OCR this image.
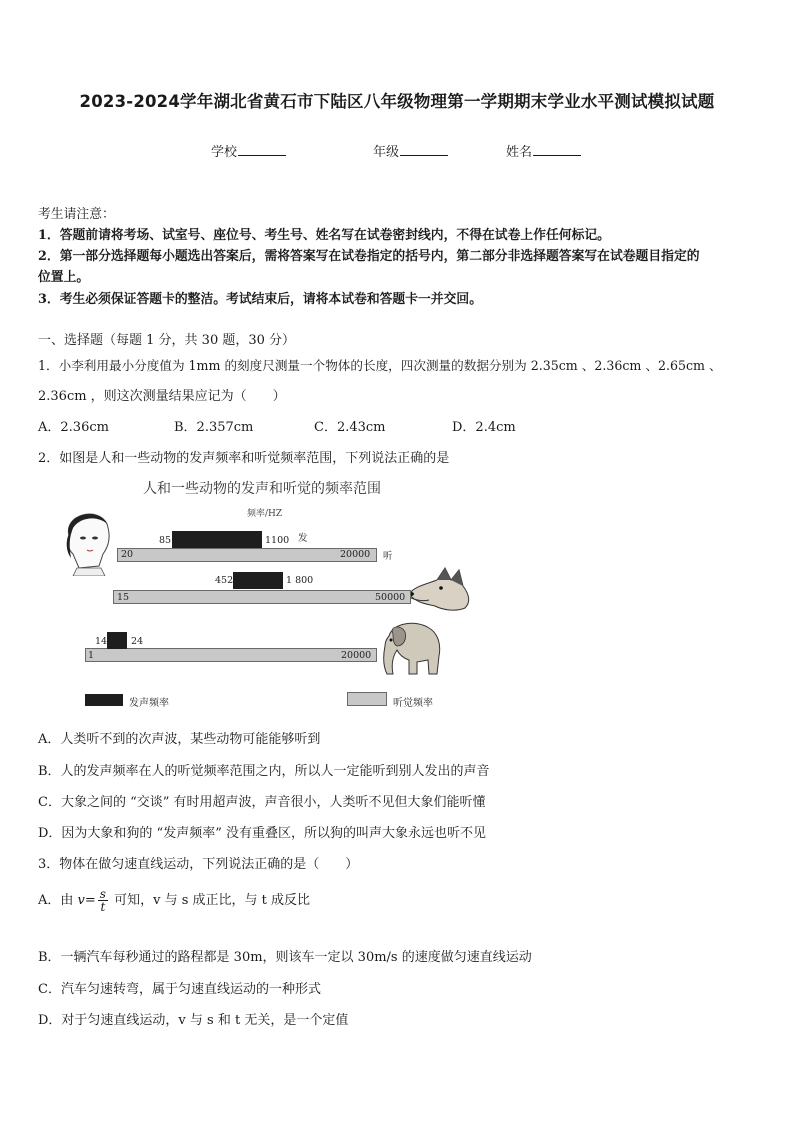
2023-2024学年湖北省黄石市下陆区八年级物理第一学期期末学业水平测试模拟试题
学校	年级	姓名
考生请注意：
1．答题前请将考场、试室号、座位号、考生号、姓名写在试卷密封线内，不得在试卷上作任何标记。
2．第一部分选择题每小题选出答案后，需将答案写在试卷指定的括号内，第二部分非选择题答案写在试卷题目指定的
位置上。
3．考生必须保证答题卡的整洁。考试结束后，请将本试卷和答题卡一并交回。
一、选择题（每题 1 分，共 30 题，30 分）
1．小李利用最小分度值为 1mm 的刻度尺测量一个物体的长度，四次测量的数据分别为 2.35cm 、2.36cm 、2.65cm 、
2.36cm ，则这次测量结果应记为（　　）
A．2.36cm	B．2.357cm	C．2.43cm	D．2.4cm
2．如图是人和一些动物的发声频率和听觉频率范围，下列说法正确的是
人和一些动物的发声和听觉的频率范围
频率/HZ
85	1100 发
20	20000 听
452	1 800
15	50000
14	24
1	20000
发声频率	听觉频率
A．人类听不到的次声波，某些动物可能能够听到
B．人的发声频率在人的听觉频率范围之内，所以人一定能听到别人发出的声音
C．大象之间的 “交谈” 有时用超声波，声音很小，人类听不见但大象们能听懂
D．因为大象和狗的 “发声频率” 没有重叠区，所以狗的叫声大象永远也听不见
3．物体在做匀速直线运动，下列说法正确的是（　　）
A．由 $v= \frac{s}{t}$ 可知，v 与 s 成正比，与 t 成反比
B．一辆汽车每秒通过的路程都是 30m，则该车一定以 30m/s 的速度做匀速直线运动
C．汽车匀速转弯，属于匀速直线运动的一种形式
D．对于匀速直线运动，v 与 s 和 t 无关，是一个定值
